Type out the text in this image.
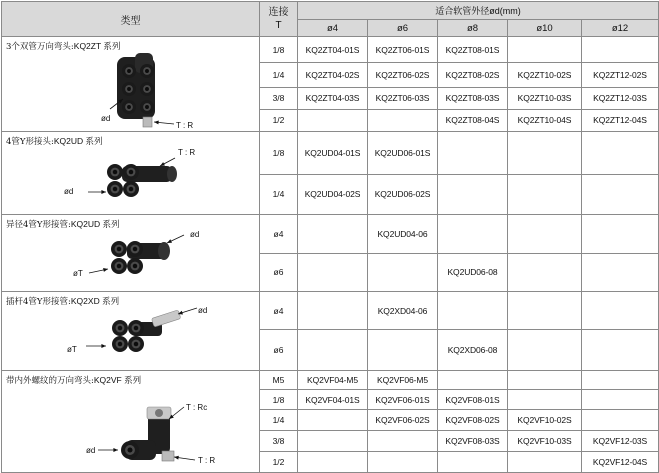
类型	连接
T	适合软管外径ød(mm)				
		ø4	ø6	ø8	ø10	ø12

3个双管万向弯头:KQ2ZT 系列
ød
T : R	1/8	KQ2ZT04-01S	KQ2ZT06-01S	KQ2ZT08-01S		
	1/4	KQ2ZT04-02S	KQ2ZT06-02S	KQ2ZT08-02S	KQ2ZT10-02S	KQ2ZT12-02S
	3/8	KQ2ZT04-03S	KQ2ZT06-03S	KQ2ZT08-03S	KQ2ZT10-03S	KQ2ZT12-03S
	1/2			KQ2ZT08-04S	KQ2ZT10-04S	KQ2ZT12-04S

4管Y形接头:KQ2UD 系列
ød
T : R	1/8	KQ2UD04-01S	KQ2UD06-01S			
	1/4	KQ2UD04-02S	KQ2UD06-02S			

异径4管Y形接管:KQ2UD 系列
ød
øT	ø4		KQ2UD04-06			
	ø6			KQ2UD06-08		

插杆4管Y形接管:KQ2XD 系列
ød
øT	ø4		KQ2XD04-06			
	ø6			KQ2XD06-08		

带内外螺纹的万向弯头:KQ2VF 系列
ød
T : Rc
T : R	M5	KQ2VF04-M5	KQ2VF06-M5			
	1/8	KQ2VF04-01S	KQ2VF06-01S	KQ2VF08-01S		
	1/4		KQ2VF06-02S	KQ2VF08-02S	KQ2VF10-02S	
	3/8			KQ2VF08-03S	KQ2VF10-03S	KQ2VF12-03S
	1/2					KQ2VF12-04S
